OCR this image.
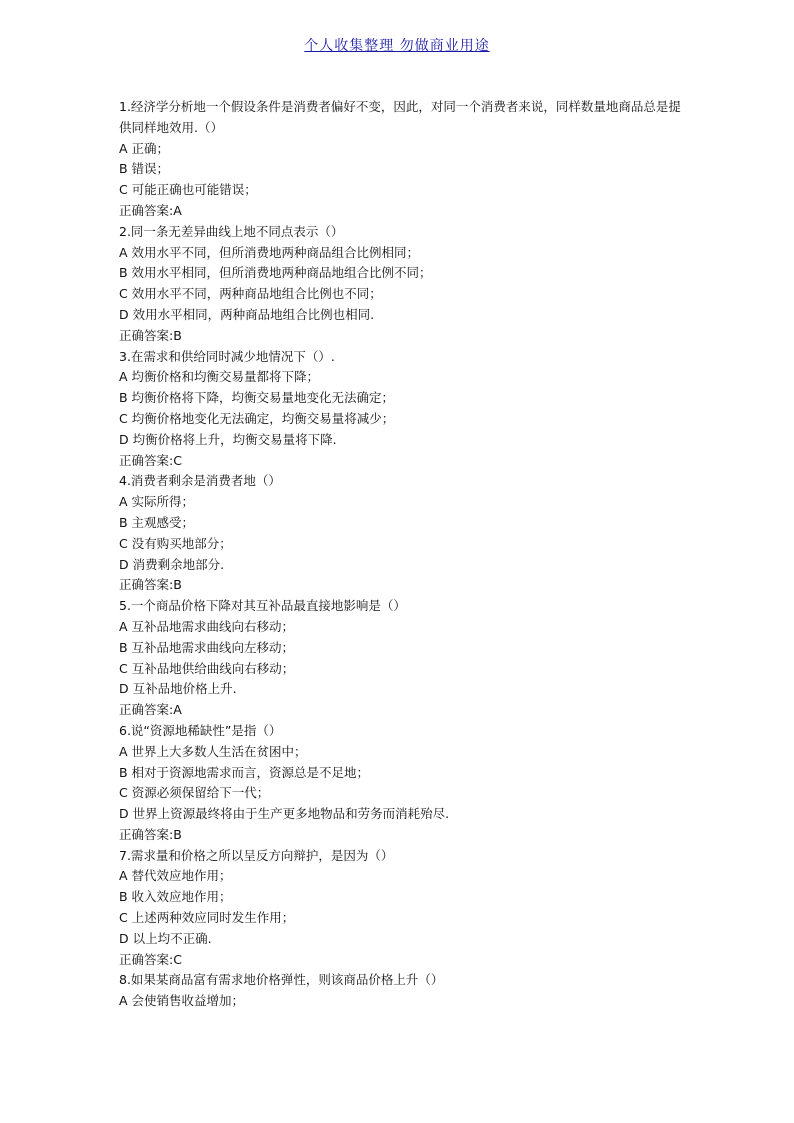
个人收集整理 勿做商业用途

1.经济学分析地一个假设条件是消费者偏好不变，因此，对同一个消费者来说，同样数量地商品总是提供同样地效用.（）

A 正确；

B 错误；

C 可能正确也可能错误；

正确答案:A

2.同一条无差异曲线上地不同点表示（）

A 效用水平不同，但所消费地两种商品组合比例相同；

B 效用水平相同，但所消费地两种商品地组合比例不同；

C 效用水平不同，两种商品地组合比例也不同；

D 效用水平相同，两种商品地组合比例也相同.

正确答案:B

3.在需求和供给同时减少地情况下（）.

A 均衡价格和均衡交易量都将下降；

B 均衡价格将下降，均衡交易量地变化无法确定；

C 均衡价格地变化无法确定，均衡交易量将减少；

D 均衡价格将上升，均衡交易量将下降.

正确答案:C

4.消费者剩余是消费者地（）

A 实际所得；

B 主观感受；

C 没有购买地部分；

D 消费剩余地部分.

正确答案:B

5.一个商品价格下降对其互补品最直接地影响是（）

A 互补品地需求曲线向右移动；

B 互补品地需求曲线向左移动；

C 互补品地供给曲线向右移动；

D 互补品地价格上升.

正确答案:A

6.说“资源地稀缺性”是指（）

A 世界上大多数人生活在贫困中；

B 相对于资源地需求而言，资源总是不足地；

C 资源必须保留给下一代；

D 世界上资源最终将由于生产更多地物品和劳务而消耗殆尽.

正确答案:B

7.需求量和价格之所以呈反方向辩护，是因为（）

A 替代效应地作用；

B 收入效应地作用；

C 上述两种效应同时发生作用；

D 以上均不正确.

正确答案:C

8.如果某商品富有需求地价格弹性，则该商品价格上升（）

A 会使销售收益增加；
